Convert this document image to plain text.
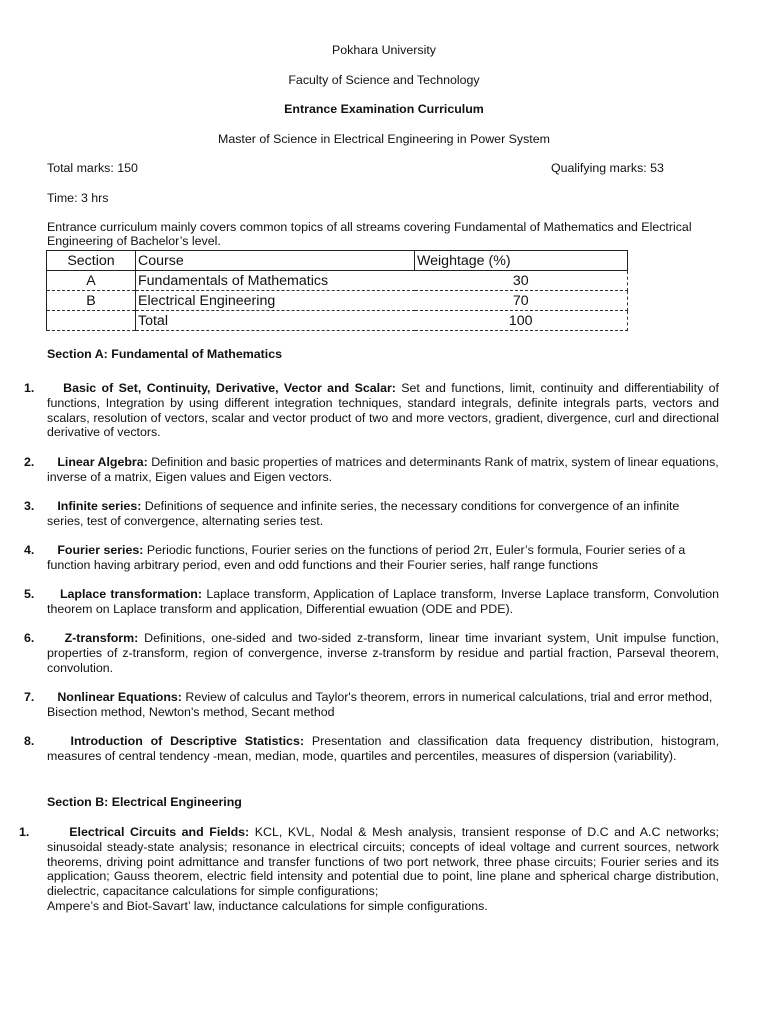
Pokhara University
Faculty of Science and Technology
Entrance Examination Curriculum
Master of Science in Electrical Engineering in Power System
Total marks: 150	Qualifying marks: 53
Time: 3 hrs
Entrance curriculum mainly covers common topics of all streams covering Fundamental of Mathematics and Electrical Engineering of Bachelor’s level.
Section	Course	Weightage (%)
A	Fundamentals of Mathematics	30
B	Electrical Engineering	70
	Total	100
Section A: Fundamental of Mathematics
1.	Basic of Set, Continuity, Derivative, Vector and Scalar: Set and functions, limit, continuity and differentiability of functions, Integration by using different integration techniques, standard integrals, definite integrals parts, vectors and scalars, resolution of vectors, scalar and vector product of two and more vectors, gradient, divergence, curl and directional derivative of vectors.
2.	Linear Algebra: Definition and basic properties of matrices and determinants Rank of matrix, system of linear equations, inverse of a matrix, Eigen values and Eigen vectors.
3.	Infinite series: Definitions of sequence and infinite series, the necessary conditions for convergence of an infinite series, test of convergence, alternating series test.
4.	Fourier series: Periodic functions, Fourier series on the functions of period 2π, Euler’s formula, Fourier series of a function having arbitrary period, even and odd functions and their Fourier series, half range functions
5.	Laplace transformation: Laplace transform, Application of Laplace transform, Inverse Laplace transform, Convolution theorem on Laplace transform and application, Differential ewuation (ODE and PDE).
6.	Z-transform: Definitions, one-sided and two-sided z-transform, linear time invariant system, Unit impulse function, properties of z-transform, region of convergence, inverse z-transform by residue and partial fraction, Parseval theorem, convolution.
7.	Nonlinear Equations: Review of calculus and Taylor's theorem, errors in numerical calculations, trial and error method, Bisection method, Newton's method, Secant method
8.	Introduction of Descriptive Statistics: Presentation and classification data frequency distribution, histogram, measures of central tendency -mean, median, mode, quartiles and percentiles, measures of dispersion (variability).
Section B: Electrical Engineering
1.	Electrical Circuits and Fields: KCL, KVL, Nodal & Mesh analysis, transient response of D.C and A.C networks; sinusoidal steady-state analysis; resonance in electrical circuits; concepts of ideal voltage and current sources, network theorems, driving point admittance and transfer functions of two port network, three phase circuits; Fourier series and its application; Gauss theorem, electric field intensity and potential due to point, line plane and spherical charge distribution, dielectric, capacitance calculations for simple configurations;
Ampere’s and Biot-Savart’ law, inductance calculations for simple configurations.
